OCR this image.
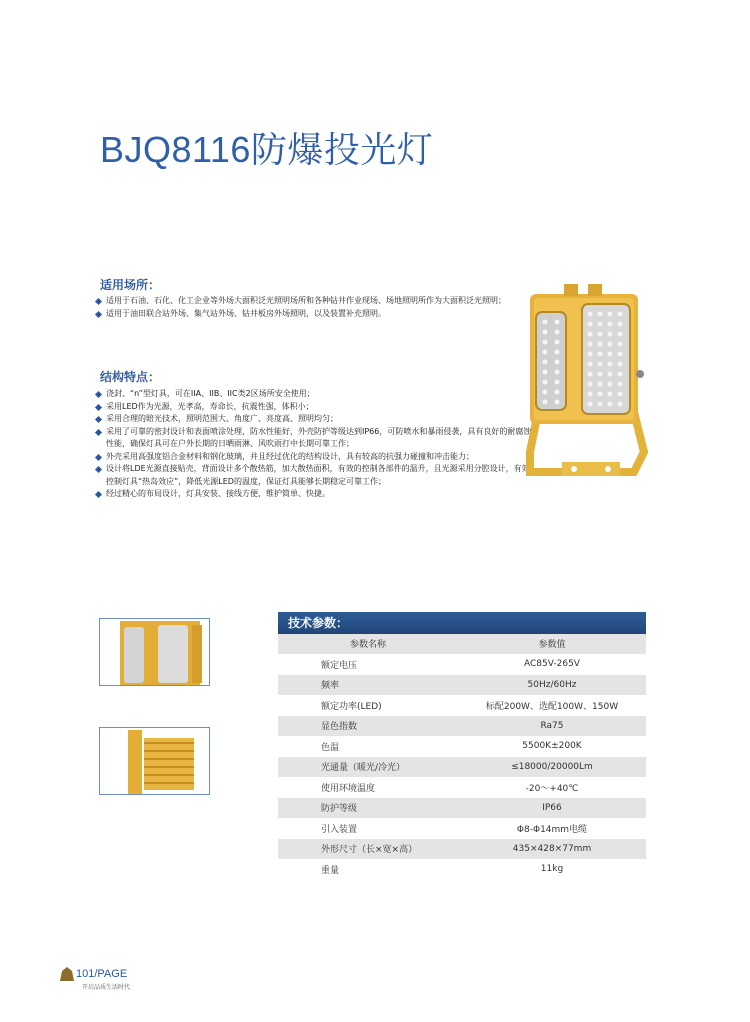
BJQ8116防爆投光灯
适用场所：
适用于石油、石化、化工企业等外场大面积泛光照明场所和各种钻井作业现场、场地照明所作为大面积泛光照明；
适用于油田联合站外场、集气站外场、钻井板房外场照明，以及装置补充照明。
结构特点：
浇封、“n”型灯具，可在IIA、IIB、IIC类2区场所安全使用；
采用LED作为光源，光孝高，寿命长，抗震性强，体积小；
采用合理的賠光技术，照明范围大、角度广、亮度高、照明均匀；
采用了可靠的密封设计和表面喷涂处理，防水性能好，外壳防护等级达到IP66，可防喷水和暴雨侵袭，具有良好的耐腐蚀性能，确保灯具可在户外长期的日晒雨淋、风吹雨打中长期可靠工作；
外壳采用高强度铝合金材料和钢化玻璃，并且经过优化的结构设计，具有较高的抗强力碰撞和冲击能力；
设计将LDE光源直接贴壳，背面设计多个散热筋，加大散热面积，有效的控制各部件的温升，且光源采用分腔设计，有效控制灯具“热岛效应”，降低光源LED的温度，保证灯具能够长期稳定可靠工作；
经过精心的布局设计，灯具安装、接线方便，维护简单、快捷。
技术参数：
参数名称	参数值
额定电压	AC85V-265V
频率	50Hz/60Hz
额定功率(LED)	标配200W、选配100W、150W
显色指数	Ra75
色温	5500K±200K
光通量（暖光/冷光）	≤18000/20000Lm
使用环境温度	-20～+40℃
防护等级	IP66
引入装置	Φ8-Φ14mm电缆
外形尺寸（长×宽×高）	435×428×77mm
重量	11kg
101/PAGE
开启品质生活时代
